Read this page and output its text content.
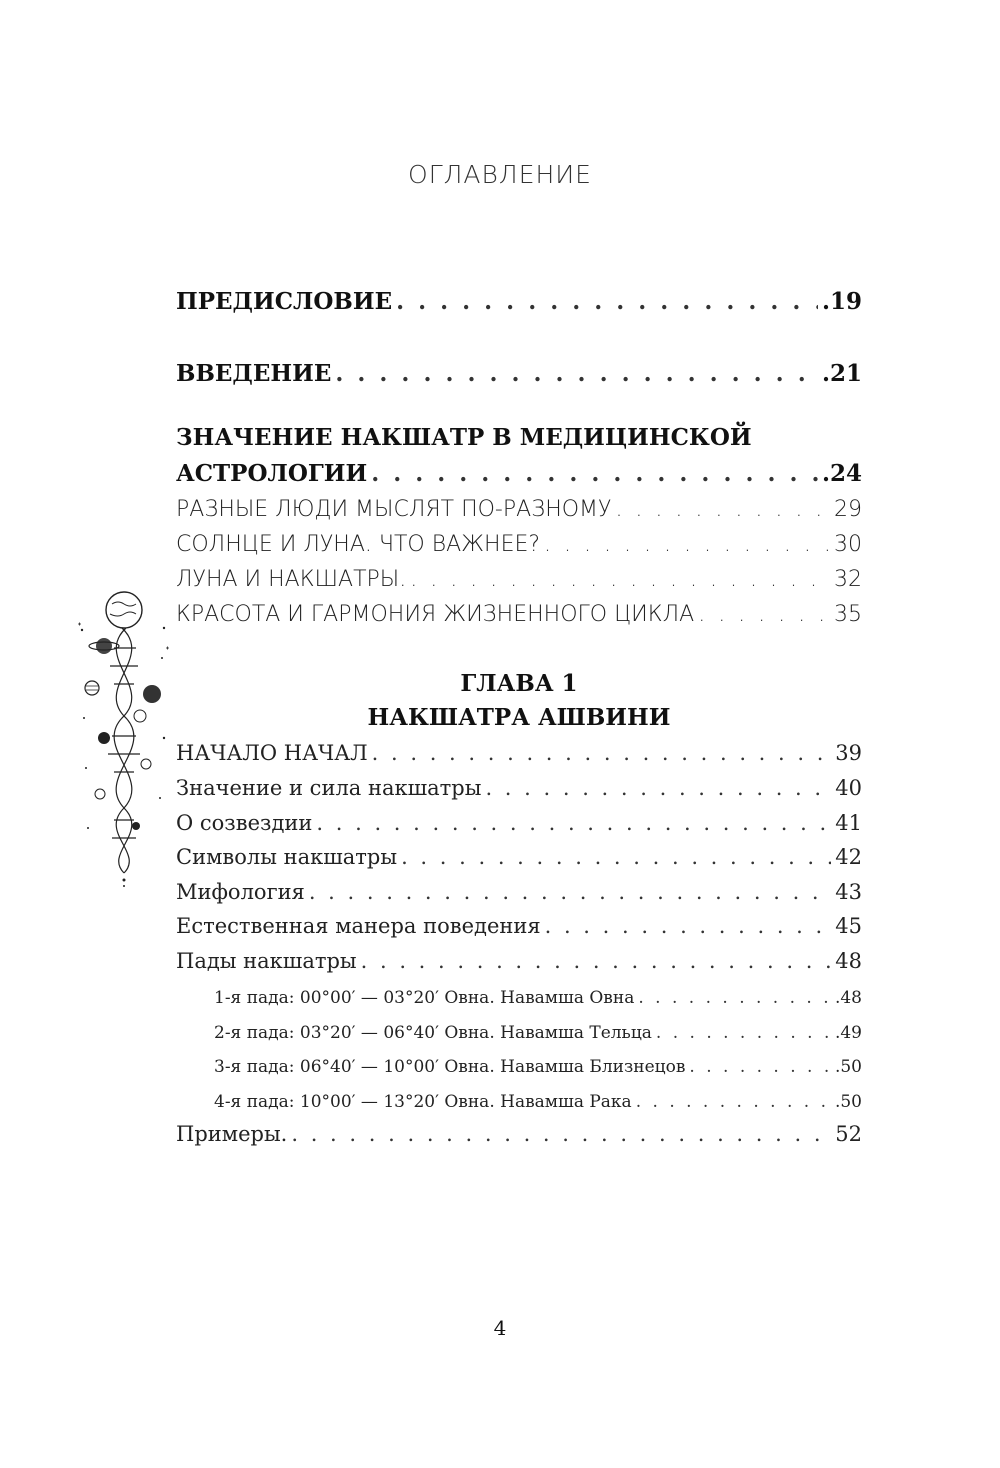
ОГЛАВЛЕНИЕ
ПРЕДИСЛОВИЕ . . .	.19
ВВЕДЕНИЕ . . .	.21
ЗНАЧЕНИЕ НАКШАТР В МЕДИЦИНСКОЙ
АСТРОЛОГИИ . . .	.24
РАЗНЫЕ ЛЮДИ МЫСЛЯТ ПО-РАЗНОМУ . . .	29
СОЛНЦЕ И ЛУНА. ЧТО ВАЖНЕЕ? . . .	30
ЛУНА И НАКШАТРЫ. . . .	32
КРАСОТА И ГАРМОНИЯ ЖИЗНЕННОГО ЦИКЛА . . .	35
ГЛАВА 1
НАКШАТРА АШВИНИ
НАЧАЛО НАЧАЛ . . .	39
Значение и сила накшатры . . .	40
О созвездии . . .	41
Символы накшатры . . .	42
Мифология . . .	43
Естественная манера поведения . . .	45
Пады накшатры . . .	48
1-я пада: 00°00′ — 03°20′ Овна. Навамша Овна . . .	.48
2-я пада: 03°20′ — 06°40′ Овна. Навамша Тельца . . .	.49
3-я пада: 06°40′ — 10°00′ Овна. Навамша Близнецов . . .	.50
4-я пада: 10°00′ — 13°20′ Овна. Навамша Рака . . .	.50
Примеры. . . .	52
4
